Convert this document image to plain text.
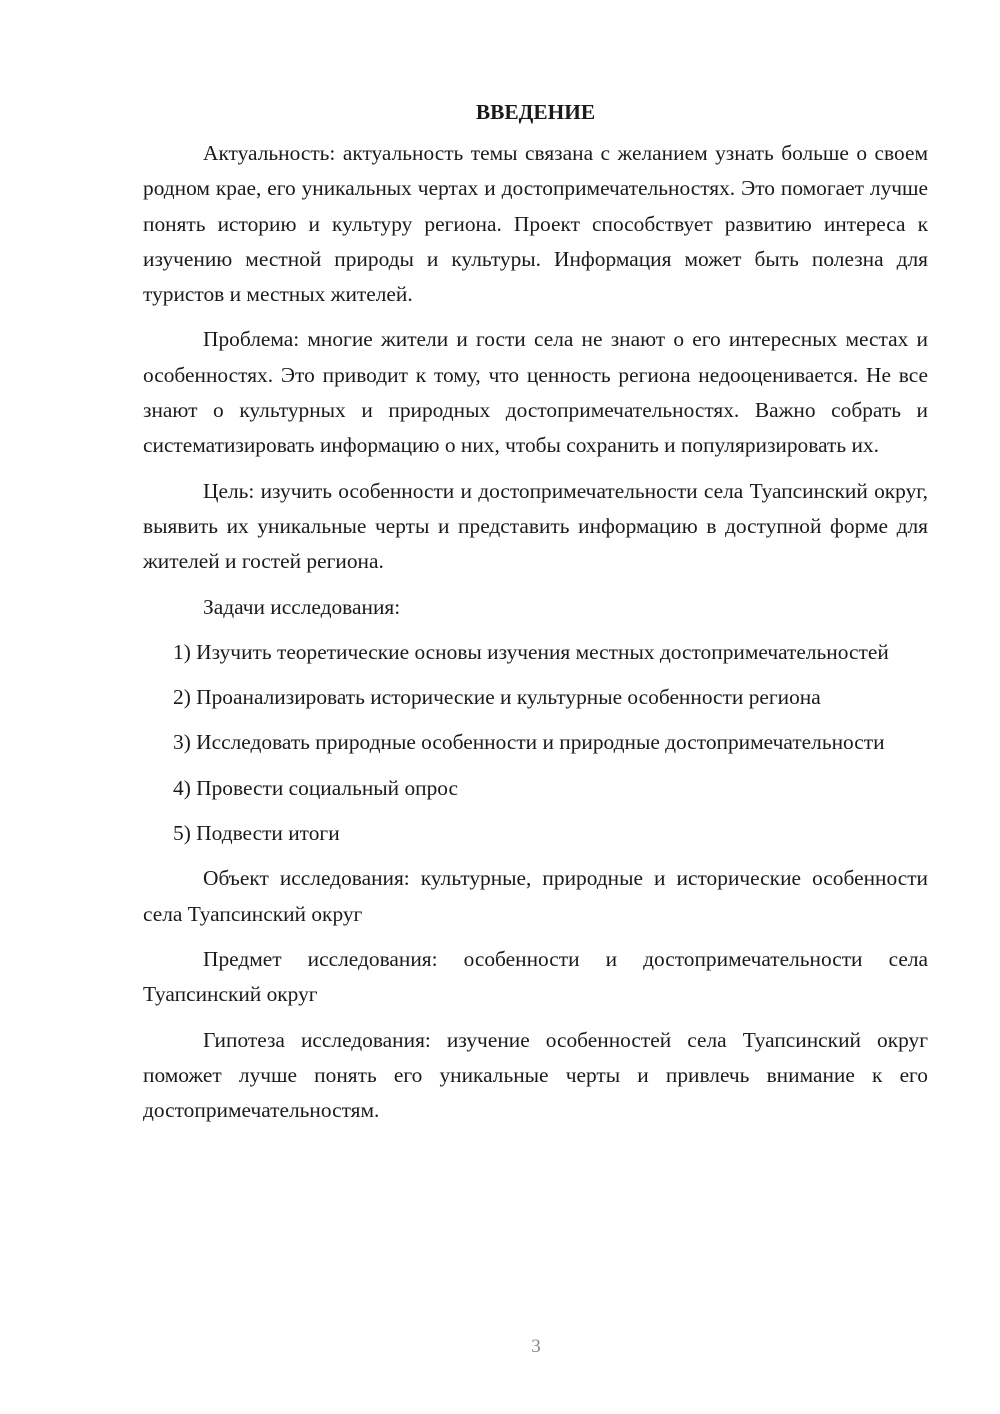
ВВЕДЕНИЕ

Актуальность: актуальность темы связана с желанием узнать больше о своем родном крае, его уникальных чертах и достопримечательностях. Это помогает лучше понять историю и культуру региона. Проект способствует развитию интереса к изучению местной природы и культуры. Информация может быть полезна для туристов и местных жителей.

Проблема: многие жители и гости села не знают о его интересных местах и особенностях. Это приводит к тому, что ценность региона недооценивается. Не все знают о культурных и природных достопримечательностях. Важно собрать и систематизировать информацию о них, чтобы сохранить и популяризировать их.

Цель: изучить особенности и достопримечательности села Туапсинский округ, выявить их уникальные черты и представить информацию в доступной форме для жителей и гостей региона.

Задачи исследования:

1) Изучить теоретические основы изучения местных достопримечательностей

2) Проанализировать исторические и культурные особенности региона

3) Исследовать природные особенности и природные достопримечательности

4) Провести социальный опрос

5) Подвести итоги

Объект исследования: культурные, природные и исторические особенности села Туапсинский округ

Предмет исследования: особенности и достопримечательности села Туапсинский округ

Гипотеза исследования: изучение особенностей села Туапсинский округ поможет лучше понять его уникальные черты и привлечь внимание к его достопримечательностям.

3
